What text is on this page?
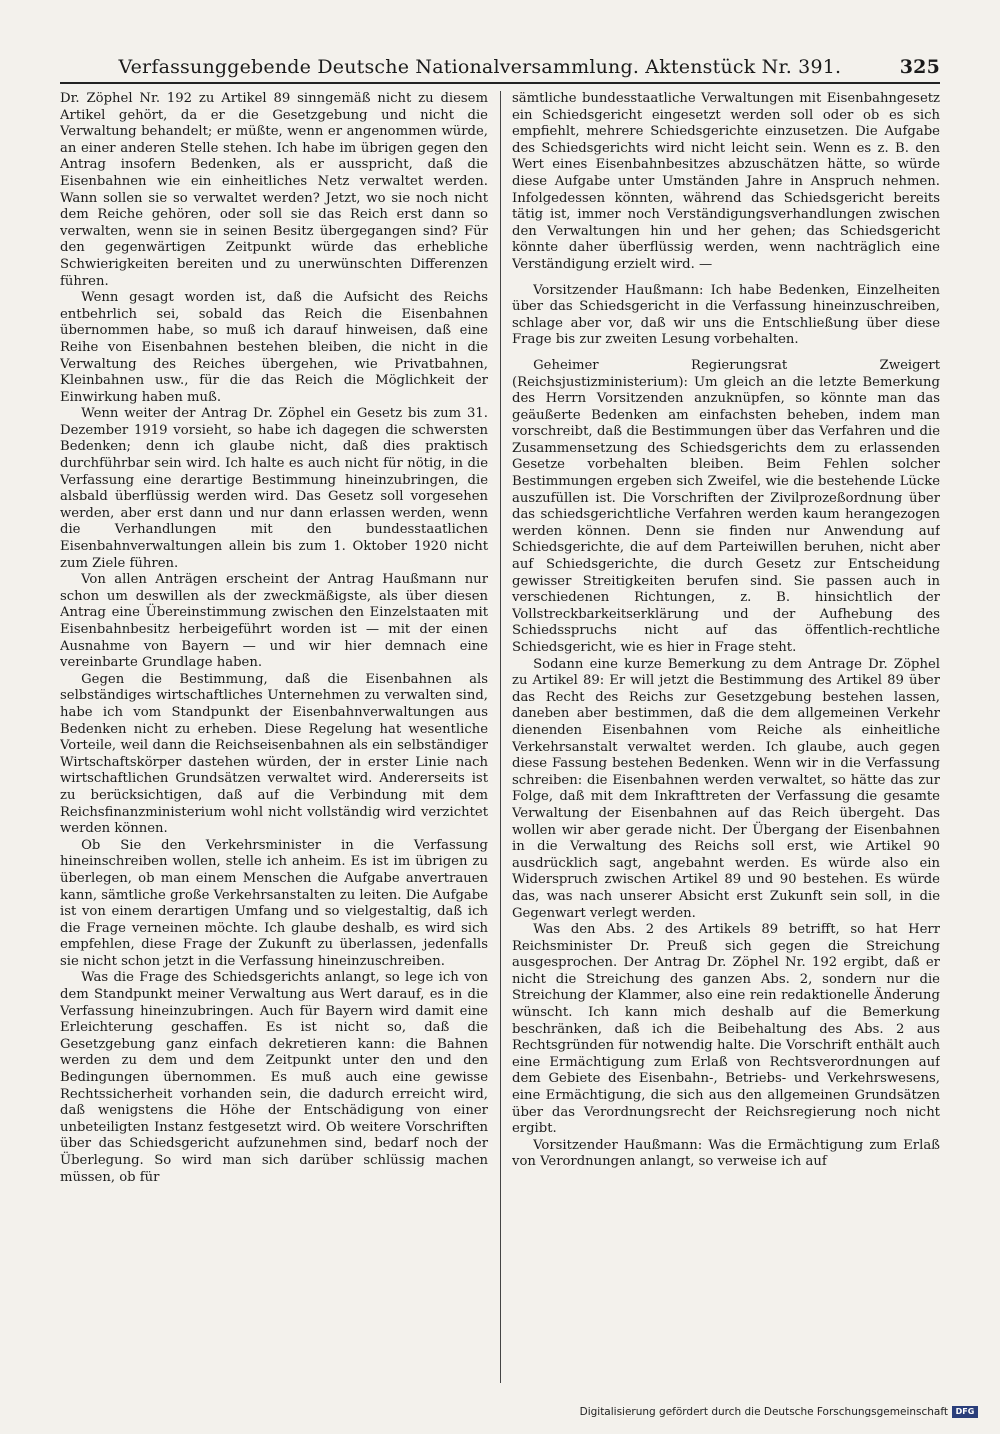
Verfassunggebende Deutsche Nationalversammlung. Aktenstück Nr. 391.	325

Dr. Zöphel Nr. 192 zu Artikel 89 sinngemäß nicht zu diesem Artikel gehört, da er die Gesetzgebung und nicht die Verwaltung behandelt; er müßte, wenn er angenommen würde, an einer anderen Stelle stehen. Ich habe im übrigen gegen den Antrag insofern Bedenken, als er ausspricht, daß die Eisenbahnen wie ein einheitliches Netz verwaltet werden. Wann sollen sie so verwaltet werden? Jetzt, wo sie noch nicht dem Reiche gehören, oder soll sie das Reich erst dann so verwalten, wenn sie in seinen Besitz übergegangen sind? Für den gegenwärtigen Zeitpunkt würde das erhebliche Schwierigkeiten bereiten und zu unerwünschten Differenzen führen.

Wenn gesagt worden ist, daß die Aufsicht des Reichs entbehrlich sei, sobald das Reich die Eisenbahnen übernommen habe, so muß ich darauf hinweisen, daß eine Reihe von Eisenbahnen bestehen bleiben, die nicht in die Verwaltung des Reiches übergehen, wie Privatbahnen, Kleinbahnen usw., für die das Reich die Möglichkeit der Einwirkung haben muß.

Wenn weiter der Antrag Dr. Zöphel ein Gesetz bis zum 31. Dezember 1919 vorsieht, so habe ich dagegen die schwersten Bedenken; denn ich glaube nicht, daß dies praktisch durchführbar sein wird. Ich halte es auch nicht für nötig, in die Verfassung eine derartige Bestimmung hineinzubringen, die alsbald überflüssig werden wird. Das Gesetz soll vorgesehen werden, aber erst dann und nur dann erlassen werden, wenn die Verhandlungen mit den bundesstaatlichen Eisenbahnverwaltungen allein bis zum 1. Oktober 1920 nicht zum Ziele führen.

Von allen Anträgen erscheint der Antrag Haußmann nur schon um deswillen als der zweckmäßigste, als über diesen Antrag eine Übereinstimmung zwischen den Einzelstaaten mit Eisenbahnbesitz herbeigeführt worden ist — mit der einen Ausnahme von Bayern — und wir hier demnach eine vereinbarte Grundlage haben.

Gegen die Bestimmung, daß die Eisenbahnen als selbständiges wirtschaftliches Unternehmen zu verwalten sind, habe ich vom Standpunkt der Eisenbahnverwaltungen aus Bedenken nicht zu erheben. Diese Regelung hat wesentliche Vorteile, weil dann die Reichseisenbahnen als ein selbständiger Wirtschaftskörper dastehen würden, der in erster Linie nach wirtschaftlichen Grundsätzen verwaltet wird. Andererseits ist zu berücksichtigen, daß auf die Verbindung mit dem Reichsfinanzministerium wohl nicht vollständig wird verzichtet werden können.

Ob Sie den Verkehrsminister in die Verfassung hineinschreiben wollen, stelle ich anheim. Es ist im übrigen zu überlegen, ob man einem Menschen die Aufgabe anvertrauen kann, sämtliche große Verkehrsanstalten zu leiten. Die Aufgabe ist von einem derartigen Umfang und so vielgestaltig, daß ich die Frage verneinen möchte. Ich glaube deshalb, es wird sich empfehlen, diese Frage der Zukunft zu überlassen, jedenfalls sie nicht schon jetzt in die Verfassung hineinzuschreiben.

Was die Frage des Schiedsgerichts anlangt, so lege ich von dem Standpunkt meiner Verwaltung aus Wert darauf, es in die Verfassung hineinzubringen. Auch für Bayern wird damit eine Erleichterung geschaffen. Es ist nicht so, daß die Gesetzgebung ganz einfach dekretieren kann: die Bahnen werden zu dem und dem Zeitpunkt unter den und den Bedingungen übernommen. Es muß auch eine gewisse Rechtssicherheit vorhanden sein, die dadurch erreicht wird, daß wenigstens die Höhe der Entschädigung von einer unbeteiligten Instanz festgesetzt wird. Ob weitere Vorschriften über das Schiedsgericht aufzunehmen sind, bedarf noch der Überlegung. So wird man sich darüber schlüssig machen müssen, ob für

sämtliche bundesstaatliche Verwaltungen mit Eisenbahngesetz ein Schiedsgericht eingesetzt werden soll oder ob es sich empfiehlt, mehrere Schiedsgerichte einzusetzen. Die Aufgabe des Schiedsgerichts wird nicht leicht sein. Wenn es z. B. den Wert eines Eisenbahnbesitzes abzuschätzen hätte, so würde diese Aufgabe unter Umständen Jahre in Anspruch nehmen. Infolgedessen könnten, während das Schiedsgericht bereits tätig ist, immer noch Verständigungsverhandlungen zwischen den Verwaltungen hin und her gehen; das Schiedsgericht könnte daher überflüssig werden, wenn nachträglich eine Verständigung erzielt wird. —

Vorsitzender Haußmann: Ich habe Bedenken, Einzelheiten über das Schiedsgericht in die Verfassung hineinzuschreiben, schlage aber vor, daß wir uns die Entschließung über diese Frage bis zur zweiten Lesung vorbehalten.

Geheimer Regierungsrat Zweigert (Reichsjustizministerium): Um gleich an die letzte Bemerkung des Herrn Vorsitzenden anzuknüpfen, so könnte man das geäußerte Bedenken am einfachsten beheben, indem man vorschreibt, daß die Bestimmungen über das Verfahren und die Zusammensetzung des Schiedsgerichts dem zu erlassenden Gesetze vorbehalten bleiben. Beim Fehlen solcher Bestimmungen ergeben sich Zweifel, wie die bestehende Lücke auszufüllen ist. Die Vorschriften der Zivilprozeßordnung über das schiedsgerichtliche Verfahren werden kaum herangezogen werden können. Denn sie finden nur Anwendung auf Schiedsgerichte, die auf dem Parteiwillen beruhen, nicht aber auf Schiedsgerichte, die durch Gesetz zur Entscheidung gewisser Streitigkeiten berufen sind. Sie passen auch in verschiedenen Richtungen, z. B. hinsichtlich der Vollstreckbarkeitserklärung und der Aufhebung des Schiedsspruchs nicht auf das öffentlich-rechtliche Schiedsgericht, wie es hier in Frage steht.

Sodann eine kurze Bemerkung zu dem Antrage Dr. Zöphel zu Artikel 89: Er will jetzt die Bestimmung des Artikel 89 über das Recht des Reichs zur Gesetzgebung bestehen lassen, daneben aber bestimmen, daß die dem allgemeinen Verkehr dienenden Eisenbahnen vom Reiche als einheitliche Verkehrsanstalt verwaltet werden. Ich glaube, auch gegen diese Fassung bestehen Bedenken. Wenn wir in die Verfassung schreiben: die Eisenbahnen werden verwaltet, so hätte das zur Folge, daß mit dem Inkrafttreten der Verfassung die gesamte Verwaltung der Eisenbahnen auf das Reich übergeht. Das wollen wir aber gerade nicht. Der Übergang der Eisenbahnen in die Verwaltung des Reichs soll erst, wie Artikel 90 ausdrücklich sagt, angebahnt werden. Es würde also ein Widerspruch zwischen Artikel 89 und 90 bestehen. Es würde das, was nach unserer Absicht erst Zukunft sein soll, in die Gegenwart verlegt werden.

Was den Abs. 2 des Artikels 89 betrifft, so hat Herr Reichsminister Dr. Preuß sich gegen die Streichung ausgesprochen. Der Antrag Dr. Zöphel Nr. 192 ergibt, daß er nicht die Streichung des ganzen Abs. 2, sondern nur die Streichung der Klammer, also eine rein redaktionelle Änderung wünscht. Ich kann mich deshalb auf die Bemerkung beschränken, daß ich die Beibehaltung des Abs. 2 aus Rechtsgründen für notwendig halte. Die Vorschrift enthält auch eine Ermächtigung zum Erlaß von Rechtsverordnungen auf dem Gebiete des Eisenbahn-, Betriebs- und Verkehrswesens, eine Ermächtigung, die sich aus den allgemeinen Grundsätzen über das Verordnungsrecht der Reichsregierung noch nicht ergibt.

Vorsitzender Haußmann: Was die Ermächtigung zum Erlaß von Verordnungen anlangt, so verweise ich auf

Digitalisierung gefördert durch die Deutsche Forschungsgemeinschaft DFG
